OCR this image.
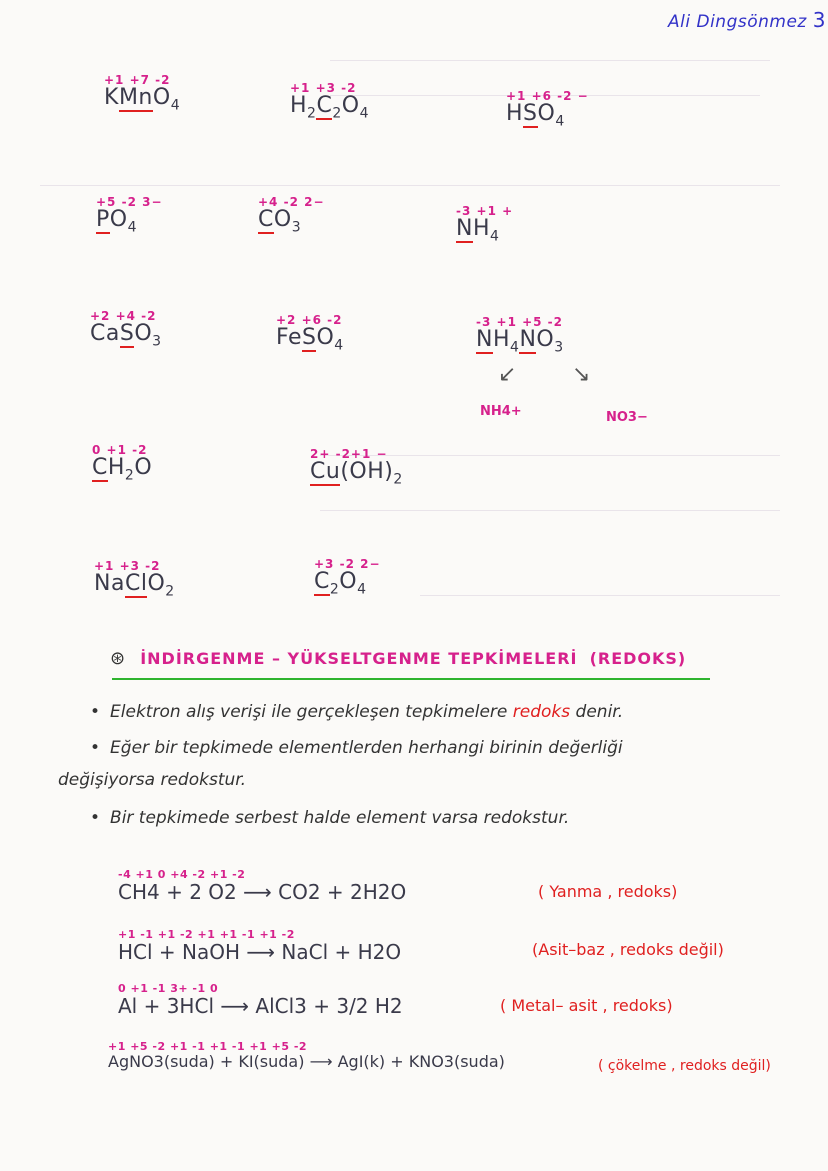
Ali Dingsönmez 3
+1 +7 -2
KMnO$_4$
+1 +3 -2
$H_2C_2O_4$
+1 +6 -2 −
$HSO_4$
+5 -2 3−
$PO_4$
+4 -2 2−
$CO_3$
-3 +1 +
$NH_4$
+2 +4 -2
CaSO$_3$
+2 +6 -2
FeSO$_4$
-3 +1 +5 -2
$NH_4NO_3$
↙	↘
NH4+	NO3−
0 +1 -2
$CH_2O$
2+ -2+1 −
$Cu(OH)_2$
+1 +3 -2
NaClO$_2$
+3 -2 2−
$C_2O_4$
⊛ İNDİRGENME – YÜKSELTGENME TEPKİMELERİ (REDOKS)
• Elektron alış verişi ile gerçekleşen tepkimelere redoks denir.
• Eğer bir tepkimede elementlerden herhangi birinin değerliği
değişiyorsa redokstur.
• Bir tepkimede serbest halde element varsa redokstur.
-4 +1 0 +4 -2 +1 -2
CH4 + 2 O2 ⟶ CO2 + 2H2O	( Yanma , redoks)
+1 -1 +1 -2 +1 +1 -1 +1 -2
HCl + NaOH ⟶ NaCl + H2O	(Asit–baz , redoks değil)
0 +1 -1 3+ -1 0
Al + 3HCl ⟶ AlCl3 + 3/2 H2	( Metal– asit , redoks)
+1 +5 -2 +1 -1 +1 -1 +1 +5 -2
AgNO3(suda) + KI(suda) ⟶ AgI(k) + KNO3(suda)	( çökelme , redoks değil)
